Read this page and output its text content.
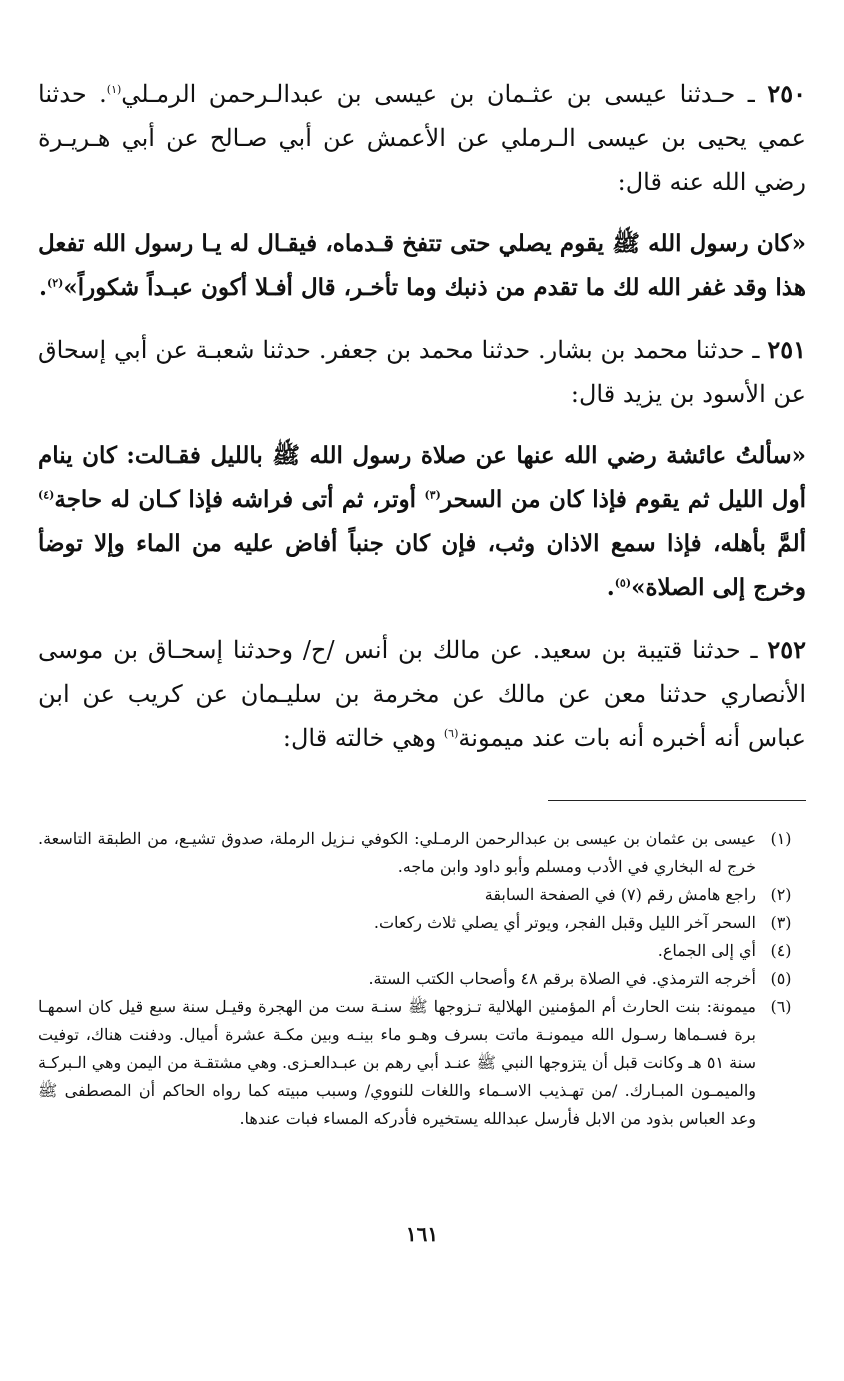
٢٥٠ ـ حـدثنا عيسى بن عثـمان بن عيسى بن عبدالـرحمن الرمـلي$^{(١)}$. حدثنا عمي يحيى بن عيسى الـرملي عن الأعمش عن أبي صـالح عن أبي هـريـرة رضي الله عنه قال:

«كان رسول الله ﷺ يقوم يصلي حتى تتفخ قـدماه، فيقـال له يـا رسول الله تفعل هذا وقد غفر الله لك ما تقدم من ذنبك وما تأخـر، قال أفـلا أكون عبـداً شكوراً»$^{(٢)}$.

٢٥١ ـ حدثنا محمد بن بشار. حدثنا محمد بن جعفر. حدثنا شعبـة عن أبي إسحاق عن الأسود بن يزيد قال:

«سألتُ عائشة رضي الله عنها عن صلاة رسول الله ﷺ بالليل فقـالت: كان ينام أول الليل ثم يقوم فإذا كان من السحر$^{(٣)}$ أوتر، ثم أتى فراشه فإذا كـان له حاجة$^{(٤)}$ ألمَّ بأهله، فإذا سمع الاذان وثب، فإن كان جنباً أفاض عليه من الماء وإلا توضأ وخرج إلى الصلاة»$^{(٥)}$.

٢٥٢ ـ حدثنا قتيبة بن سعيد. عن مالك بن أنس /ح/ وحدثنا إسحـاق بن موسى الأنصاري حدثنا معن عن مالك عن مخرمة بن سليـمان عن كريب عن ابن عباس أنه أخبره أنه بات عند ميمونة$^{(٦)}$ وهي خالته قال:

(١)
عيسى بن عثمان بن عيسى بن عبدالرحمن الرمـلي: الكوفي نـزيل الرملة، صدوق تشيـع، من الطبقة التاسعة. خرج له البخاري في الأدب ومسلم وأبو داود وابن ماجه.
(٢)
راجع هامش رقم (٧) في الصفحة السابقة
(٣)
السحر آخر الليل وقبل الفجر، ويوتر أي يصلي ثلاث ركعات.
(٤)
أي إلى الجماع.
(٥)
أخرجه الترمذي. في الصلاة برقم ٤٨ وأصحاب الكتب الستة.
(٦)
ميمونة: بنت الحارث أم المؤمنين الهلالية تـزوجها ﷺ سنـة ست من الهجرة وقيـل سنة سبع قيل كان اسمهـا برة فسـماها رسـول الله ميمونـة ماتت بسرف وهـو ماء بينـه وبين مكـة عشرة أميال. ودفنت هناك، توفيت سنة ٥١ هـ وكانت قبل أن يتزوجها النبي ﷺ عنـد أبي رهم بن عبـدالعـزى. وهي مشتقـة من اليمن وهي الـبركـة والميمـون المبـارك. /من تهـذيب الاسـماء واللغات للنووي/ وسبب مبيته كما رواه الحاكم أن المصطفى ﷺ وعد العباس بذود من الابل فأرسل عبدالله يستخيره فأدركه المساء فبات عندها.
١٦١
